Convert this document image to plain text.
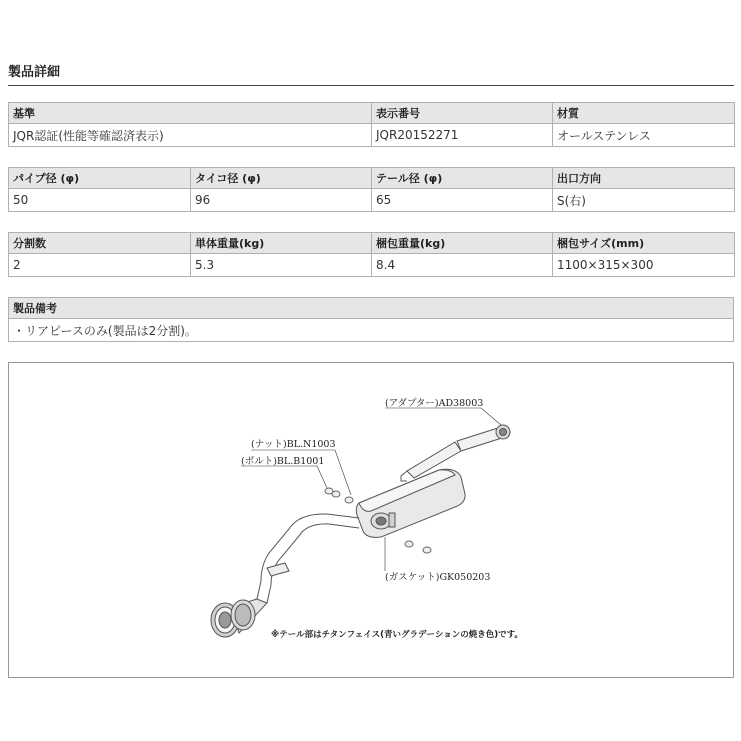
製品詳細
基準	表示番号	材質
JQR認証(性能等確認済表示)	JQR20152271	オールステンレス
パイプ径 (φ)	タイコ径 (φ)	テール径 (φ)	出口方向
50	96	65	S(右)
分割数	単体重量(kg)	梱包重量(kg)	梱包サイズ(mm)
2	5.3	8.4	1100×315×300
製品備考
・リアピースのみ(製品は2分割)。
(アダプター)AD38003
(ナット)BL.N1003
(ボルト)BL.B1001
(ガスケット)GK050203
※テール部はチタンフェイス(青いグラデーションの焼き色)です。
